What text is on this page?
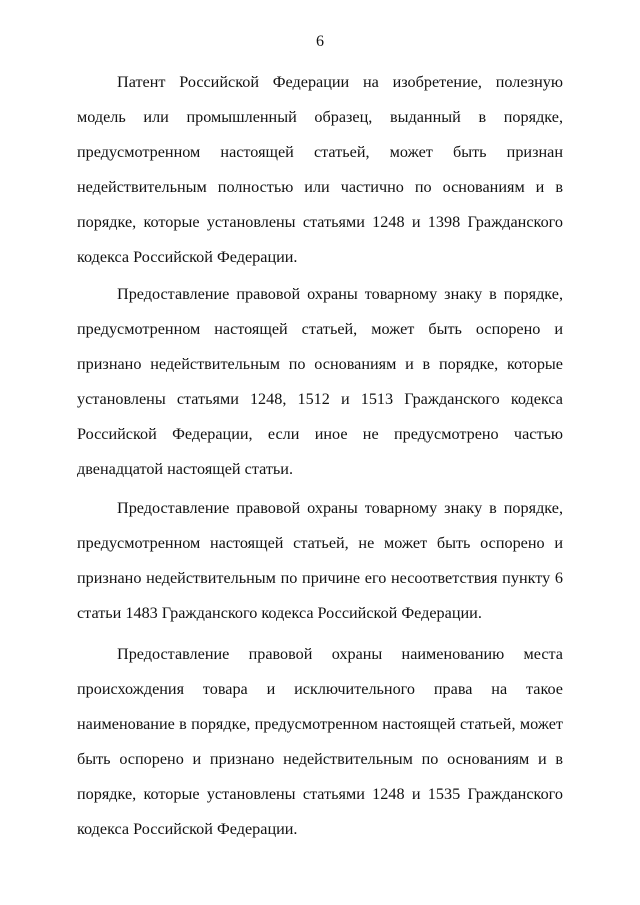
6

Патент Российской Федерации на изобретение, полезную модель или промышленный образец, выданный в порядке, предусмотренном настоящей статьей, может быть признан недействительным полностью или частично по основаниям и в порядке, которые установлены статьями 1248 и 1398 Гражданского кодекса Российской Федерации.

Предоставление правовой охраны товарному знаку в порядке, предусмотренном настоящей статьей, может быть оспорено и признано недействительным по основаниям и в порядке, которые установлены статьями 1248, 1512 и 1513 Гражданского кодекса Российской Федерации, если иное не предусмотрено частью двенадцатой настоящей статьи.

Предоставление правовой охраны товарному знаку в порядке, предусмотренном настоящей статьей, не может быть оспорено и признано недействительным по причине его несоответствия пункту 6 статьи 1483 Гражданского кодекса Российской Федерации.

Предоставление правовой охраны наименованию места происхождения товара и исключительного права на такое наименование в порядке, предусмотренном настоящей статьей, может быть оспорено и признано недействительным по основаниям и в порядке, которые установлены статьями 1248 и 1535 Гражданского кодекса Российской Федерации.
